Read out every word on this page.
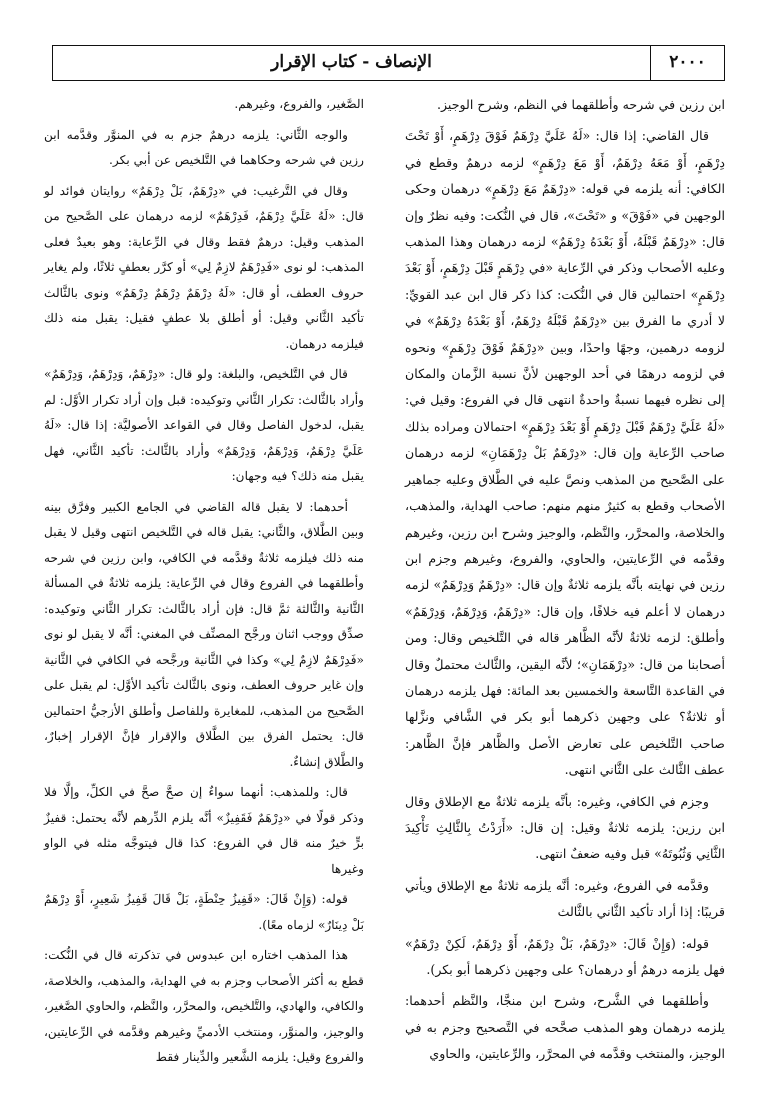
٢٠٠٠
الإنصاف - كتاب الإقرار

ابن رزين في شرحه وأطلقهما في النظم، وشرح الوجيز.

قال القاضي: إذا قال: «لَهُ عَلَيَّ دِرْهَمٌ فَوْقَ دِرْهَمٍ، أَوْ تَحْتَ دِرْهَمٍ، أَوْ مَعَهُ دِرْهَمٌ، أَوْ مَعَ دِرْهَمٍ» لزمه درهمٌ وقطع في الكافي: أنه يلزمه في قوله: «دِرْهَمٌ مَعَ دِرْهَمٍ» درهمان وحكى الوجهين في «فَوْقَ» و «تَحْتَ»، قال في النُّكت: وفيه نظرٌ وإن قال: «دِرْهَمٌ قَبْلَهُ، أَوْ بَعْدَهُ دِرْهَمٌ» لزمه درهمان وهذا المذهب وعليه الأصحاب وذكر في الرِّعاية «في دِرْهَمٍ قَبْلَ دِرْهَمٍ، أَوْ بَعْدَ دِرْهَمٍ» احتمالين قال في النُّكت: كذا ذكر قال ابن عبد القويِّ: لا أدري ما الفرق بين «دِرْهَمٌ قَبْلَهُ دِرْهَمٌ، أَوْ بَعْدَهُ دِرْهَمٌ» في لزومه درهمين، وجهًا واحدًا، وبين «دِرْهَمٌ فَوْقَ دِرْهَمٍ» ونحوه في لزومه درهمًا في أحد الوجهين لأنَّ نسبة الزَّمان والمكان إلى نظره فيهما نسبةٌ واحدةٌ انتهى قال في الفروع: وقيل في: «لَهُ عَلَيَّ دِرْهَمٌ قَبْلَ دِرْهَمٍ أَوْ بَعْدَ دِرْهَمٍ» احتمالان ومراده بذلك صاحب الرِّعاية وإن قال: «دِرْهَمٌ بَلْ دِرْهَمَانِ» لزمه درهمان على الصَّحيح من المذهب ونصَّ عليه في الطَّلاق وعليه جماهير الأصحاب وقطع به كثيرٌ منهم منهم: صاحب الهداية، والمذهب، والخلاصة، والمحرَّر، والنَّظم، والوجيز وشرح ابن رزين، وغيرهم وقدَّمه في الرِّعايتين، والحاوي، والفروع، وغيرهم وجزم ابن رزين في نهايته بأنَّه يلزمه ثلاثةٌ وإن قال: «دِرْهَمٌ وَدِرْهَمٌ» لزمه درهمان لا أعلم فيه خلافًا، وإن قال: «دِرْهَمٌ، وَدِرْهَمٌ، وَدِرْهَمٌ» وأطلق: لزمه ثلاثةٌ لأنَّه الظَّاهر قاله في التَّلخيص وقال: ومن أصحابنا من قال: «دِرْهَمَانِ»؛ لأنَّه اليقين، والثَّالث محتملٌ وقال في القاعدة التَّاسعة والخمسين بعد المائة: فهل يلزمه درهمان أو ثلاثةٌ؟ على وجهين ذكرهما أبو بكر في الشَّافي ونزَّلها صاحب التَّلخيص على تعارض الأصل والظَّاهر فإنَّ الظَّاهر: عطف الثَّالث على الثَّاني انتهى.

وجزم في الكافي، وغيره: بأنَّه يلزمه ثلاثةٌ مع الإطلاق وقال ابن رزين: يلزمه ثلاثةٌ وقيل: إن قال: «أَرَدْتُ بِالثَّالِثِ تَأْكِيدَ الثَّانِي وَثُبُوتَهُ» قبل وفيه ضعفٌ انتهى.

وقدَّمه في الفروع، وغيره: أنَّه يلزمه ثلاثةٌ مع الإطلاق ويأتي قريبًا: إذا أراد تأكيد الثَّاني بالثَّالث

قوله: (وَإِنْ قَالَ: «دِرْهَمٌ، بَلْ دِرْهَمٌ، أَوْ دِرْهَمٌ، لَكِنْ دِرْهَمٌ» فهل يلزمه درهمٌ أو درهمان؟ على وجهين ذكرهما أبو بكر).

وأطلقهما في الشَّرح، وشرح ابن منجَّا، والنَّظم أحدهما: يلزمه درهمان وهو المذهب صحَّحه في التَّصحيح وجزم به في الوجيز، والمنتخب وقدَّمه في المحرَّر، والرِّعايتين، والحاوي

الصَّغير، والفروع، وغيرهم.

والوجه الثَّاني: يلزمه درهمٌ جزم به في المنوَّر وقدَّمه ابن رزين في شرحه وحكاهما في التَّلخيص عن أبي بكر.

وقال في التَّرغيب: في «دِرْهَمٌ، بَلْ دِرْهَمٌ» روايتان فوائد لو قال: «لَهُ عَلَيَّ دِرْهَمٌ، فَدِرْهَمٌ» لزمه درهمان على الصَّحيح من المذهب وقيل: درهمٌ فقط وقال في الرِّعاية: وهو بعيدٌ فعلى المذهب: لو نوى «فَدِرْهَمٌ لازِمٌ لِي» أو كرَّر بعطفٍ ثلاثًا، ولم يغاير حروف العطف، أو قال: «لَهُ دِرْهَمٌ دِرْهَمٌ دِرْهَمٌ» ونوى بالثَّالث تأكيد الثَّاني وقيل: أو أطلق بلا عطفٍ فقيل: يقبل منه ذلك فيلزمه درهمان.

قال في التَّلخيص، والبلغة: ولو قال: «دِرْهَمٌ، وَدِرْهَمٌ، وَدِرْهَمٌ» وأراد بالثَّالث: تكرار الثَّاني وتوكيده: قبل وإن أراد تكرار الأوَّل: لم يقبل، لدخول الفاصل وقال في القواعد الأصوليَّة: إذا قال: «لَهُ عَلَيَّ دِرْهَمٌ، وَدِرْهَمٌ، وَدِرْهَمٌ» وأراد بالثَّالث: تأكيد الثَّاني، فهل يقبل منه ذلك؟ فيه وجهان:

أحدهما: لا يقبل قاله القاضي في الجامع الكبير وفرَّق بينه وبين الطَّلاق، والثَّاني: يقبل قاله في التَّلخيص انتهى وقيل لا يقبل منه ذلك فيلزمه ثلاثةٌ وقدَّمه في الكافي، وابن رزين في شرحه وأطلقهما في الفروع وقال في الرِّعاية: يلزمه ثلاثةٌ في المسألة الثَّانية والثَّالثة ثمَّ قال: فإن أراد بالثَّالث: تكرار الثَّاني وتوكيده: صدِّق ووجب اثنان ورجَّح المصنِّف في المغني: أنَّه لا يقبل لو نوى «فَدِرْهَمٌ لازِمٌ لِي» وكذا في الثَّانية ورجَّحه في الكافي في الثَّانية وإن غاير حروف العطف، ونوى بالثَّالث تأكيد الأوَّل: لم يقبل على الصَّحيح من المذهب، للمغايرة وللفاصل وأطلق الأزجيُّ احتمالين قال: يحتمل الفرق بين الطَّلاق والإقرار فإنَّ الإقرار إخبارٌ، والطَّلاق إنشاءٌ.

قال: وللمذهب: أنهما سواءٌ إن صحَّ صحَّ في الكلِّ، وإلَّا فلا وذكر قولًا في «دِرْهَمٌ فَقَفِيزٌ» أنَّه يلزم الدِّرهم لأنَّه يحتمل: قفيزٌ برٍّ خيرٌ منه قال في الفروع: كذا قال فيتوجَّه مثله في الواو وغيرها

قوله: (وَإِنْ قَالَ: «قَفِيزُ حِنْطَةٍ، بَلْ قَالَ قَفِيزُ شَعِيرٍ، أَوْ دِرْهَمٌ بَلْ دِينَارٌ» لزماه معًا).

هذا المذهب اختاره ابن عبدوس في تذكرته قال في النُّكت: قطع به أكثر الأصحاب وجزم به في الهداية، والمذهب، والخلاصة، والكافي، والهادي، والتَّلخيص، والمحرَّر، والنَّظم، والحاوي الصَّغير، والوجيز، والمنوَّر، ومنتخب الأدميِّ وغيرهم وقدَّمه في الرِّعايتين، والفروع وقيل: يلزمه الشَّعير والدِّينار فقط
